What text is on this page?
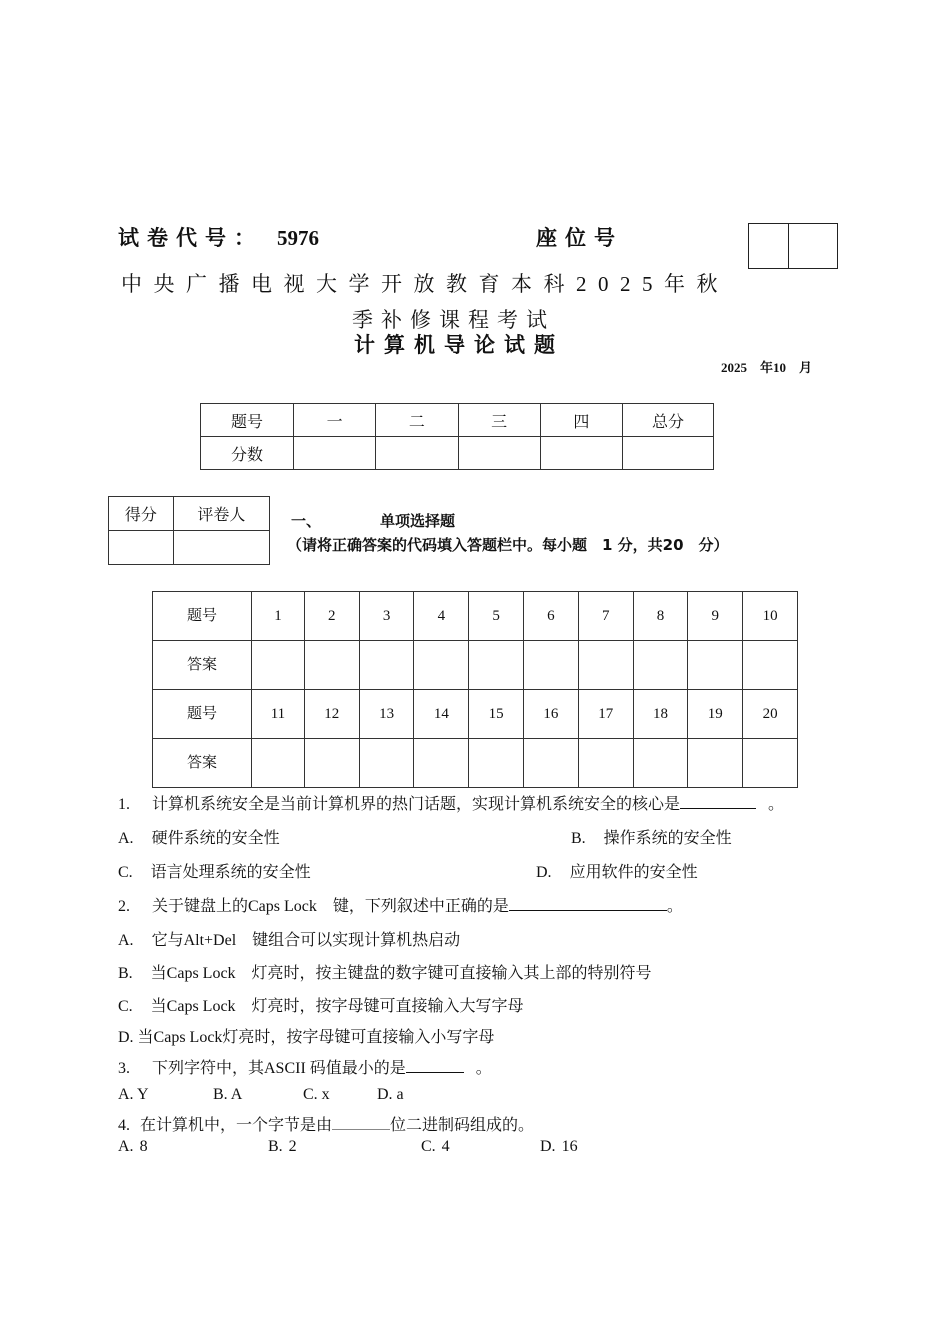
试卷代号： 5976	座位号
中央广播电视大学开放教育本科2025年秋
季补修课程考试
计算机导论试题
2025　年10　月
题号	一	二	三	四	总分
分数					
得分	评卷人
		一、	单项选择题
（请将正确答案的代码填入答题栏中。每小题　1 分，共20　分）
题号	1	2	3	4	5	6	7	8	9	10
答案										
题号	11	12	13	14	15	16	17	18	19	20
答案										
1. 计算机系统安全是当前计算机界的热门话题，实现计算机系统安全的核心是	。
A. 硬件系统的安全性	B. 操作系统的安全性
C. 语言处理系统的安全性	D. 应用软件的安全性
2. 关于键盘上的Caps Lock　键，下列叙述中正确的是	。
A. 它与Alt+Del　键组合可以实现计算机热启动
B. 当Caps Lock　灯亮时，按主键盘的数字键可直接输入其上部的特别符号
C. 当Caps Lock　灯亮时，按字母键可直接输入大写字母
D. 当Caps Lock灯亮时，按字母键可直接输入小写字母
3. 下列字符中，其ASCII 码值最小的是	。
A. Y	B. A	C. x	D. a
4. 在计算机中，一个字节是由	位二进制码组成的。
A. 8	B. 2	C. 4	D. 16
